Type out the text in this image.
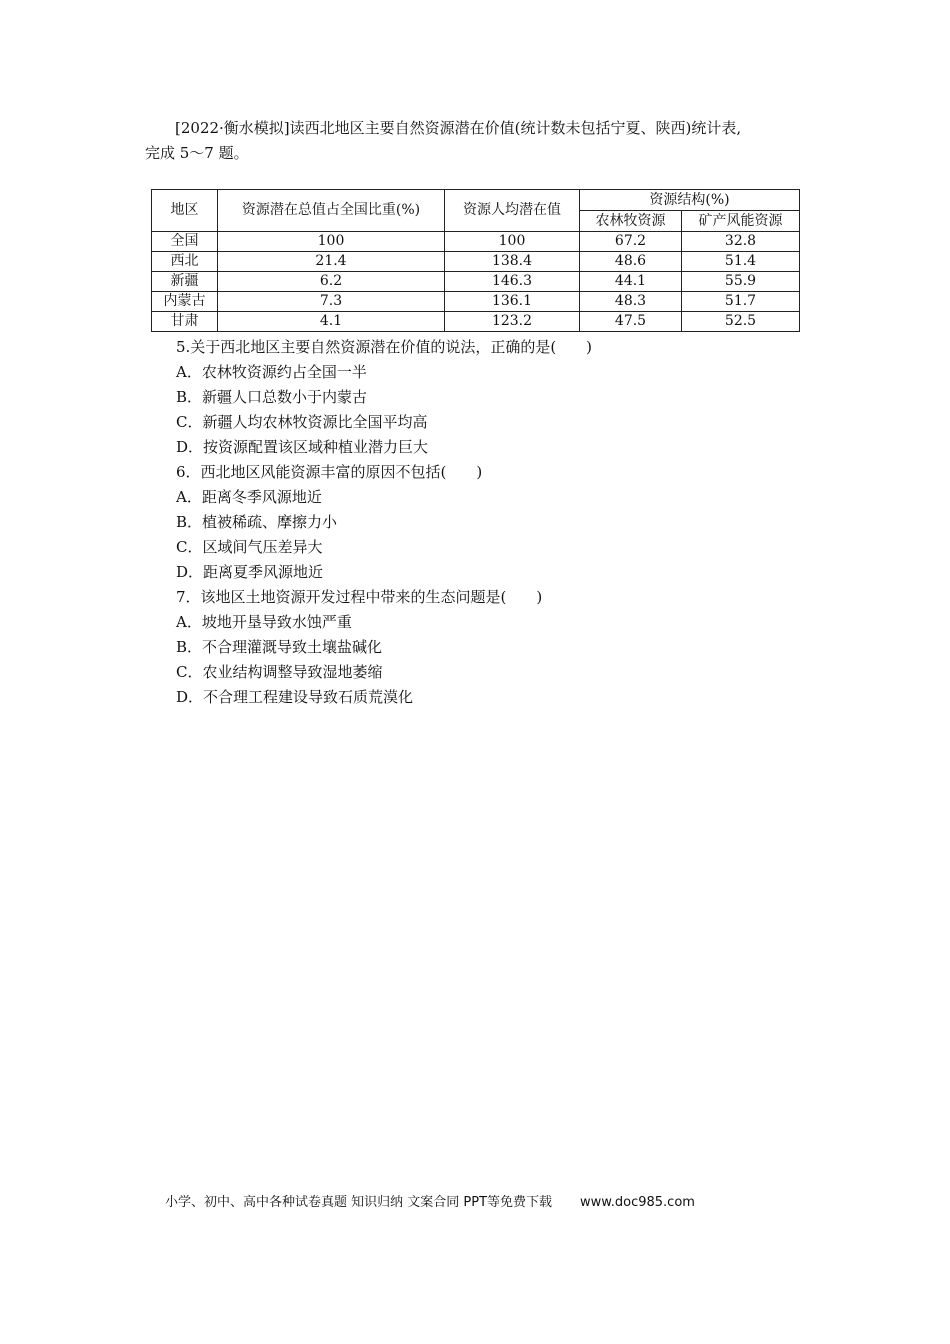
[2022·衡水模拟]读西北地区主要自然资源潜在价值(统计数未包括宁夏、陕西)统计表,
完成 5～7 题。
地区	资源潜在总值占全国比重(%)	资源人均潜在值	资源结构(%)	
			农林牧资源	矿产风能资源
全国	100	100	67.2	32.8
西北	21.4	138.4	48.6	51.4
新疆	6.2	146.3	44.1	55.9
内蒙古	7.3	136.1	48.3	51.7
甘肃	4.1	123.2	47.5	52.5
5.关于西北地区主要自然资源潜在价值的说法，正确的是(　　)
A．农林牧资源约占全国一半
B．新疆人口总数小于内蒙古
C．新疆人均农林牧资源比全国平均高
D．按资源配置该区域种植业潜力巨大
6．西北地区风能资源丰富的原因不包括(　　)
A．距离冬季风源地近
B．植被稀疏、摩擦力小
C．区域间气压差异大
D．距离夏季风源地近
7．该地区土地资源开发过程中带来的生态问题是(　　)
A．坡地开垦导致水蚀严重
B．不合理灌溉导致土壤盐碱化
C．农业结构调整导致湿地萎缩
D．不合理工程建设导致石质荒漠化
小学、初中、高中各种试卷真题 知识归纳 文案合同 PPT等免费下载 www.doc985.com
